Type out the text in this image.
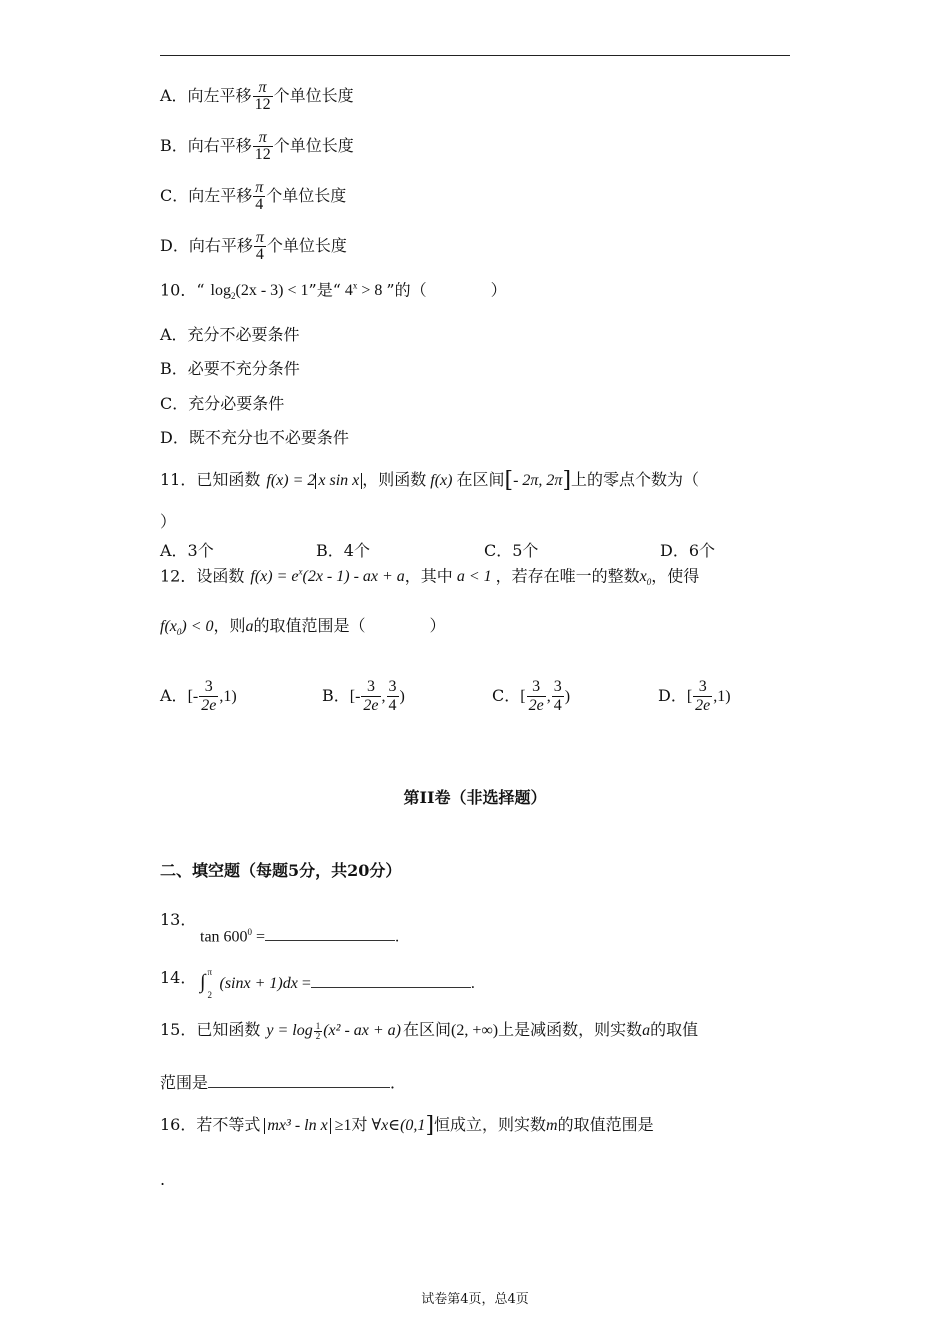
A．向左平移 $\frac{\pi}{12}$ 个单位长度
B．向右平移 $\frac{\pi}{12}$ 个单位长度
C．向左平移 $\frac{\pi}{4}$ 个单位长度
D．向右平移 $\frac{\pi}{4}$ 个单位长度
10．“ $\log_2(2x - 3) < 1$”是“ $4^x > 8$ ”的（　　　　）
A．充分不必要条件
B．必要不充分条件
C．充分必要条件
D．既不充分也不必要条件
11．已知函数 f(x) = 2 x sin x ，则函数 f(x) 在区间[- 2π, 2π]上的零点个数为（
）
A．3个	B．4个	C．5个	D．6个
12．设函数 $f(x) = e^x(2x - 1)$ - ax + a，其中 a < 1 ，若存在唯一的整数$x_0$，使得
$f(x_0) < 0$，则a的取值范围是（　　　　）
A．[- $\frac{3}{2e} ,1$)	B．[- $\frac{3}{2e}$ , $\frac{3}{4}$ )	C．[ $\frac{3}{2e}$ , $\frac{3}{4}$ )	D．[ $\frac{3}{2e} ,1$)
第II卷（非选择题）
二、填空题（每题5分，共20分）
13．
$\tan 600^0$ =	.
14． ∫ π
2
(sinx + 1)dx =	.
15．已知函数 $y = \log \frac{1}{2} (x^2$ - ax + a) 在区间(2, +∞)上是减函数，则实数a的取值
范围是	．
16．若不等式 mx³ - ln x ≥1对 ∀x∈(0,1]恒成立，则实数m的取值范围是
.
试卷第4页，总4页
